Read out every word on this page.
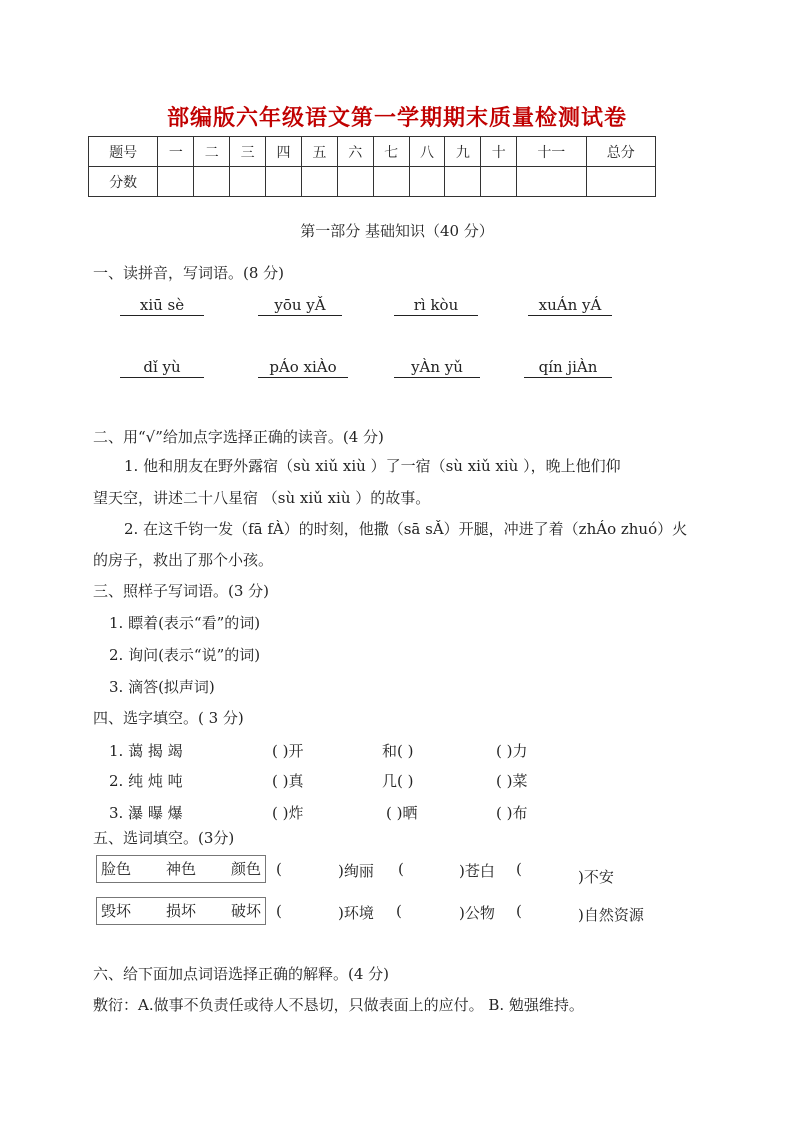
部编版六年级语文第一学期期末质量检测试卷
题号	一	二	三	四	五	六	七	八	九	十	十一	总分
分数												
第一部分 基础知识（40 分）
一、读拼音，写词语。(8 分)
xiū sè	yōu yǍ	rì kòu	xuÁn yÁ
dǐ yù	pÁo xiÀo	yÀn yǔ	qín jiÀn
二、用“√”给加点字选择正确的读音。(4 分)
1. 他和朋友在野外露宿（sù xiǔ xiù ）了一宿（sù xiǔ xiù ），晚上他们仰
望天空，讲述二十八星宿 （sù xiǔ xiù ）的故事。
2. 在这千钧一发（fā fÀ）的时刻，他撒（sā sǍ）开腿，冲进了着（zhÁo zhuó）火
的房子，救出了那个小孩。
三、照样子写词语。(3 分)
1. 瞟着(表示“看”的词)
2. 询问(表示“说”的词)
3. 滴答(拟声词)
四、选字填空。( 3 分)
1. 蔼 揭 竭	( )开	和( )	( )力
2. 纯 炖 吨	( )真	几( )	( )菜
3. 瀑 曝 爆	( )炸	( )晒	( )布
五、选词填空。(3分)
脸色 神色 颜色 (	)绚丽 (	)苍白 (	)不安
毁坏 损坏 破坏 (	)环境 (	)公物 (	)自然资源
六、给下面加点词语选择正确的解释。(4 分)
敷衍：A.做事不负责任或待人不恳切，只做表面上的应付。 B. 勉强维持。
